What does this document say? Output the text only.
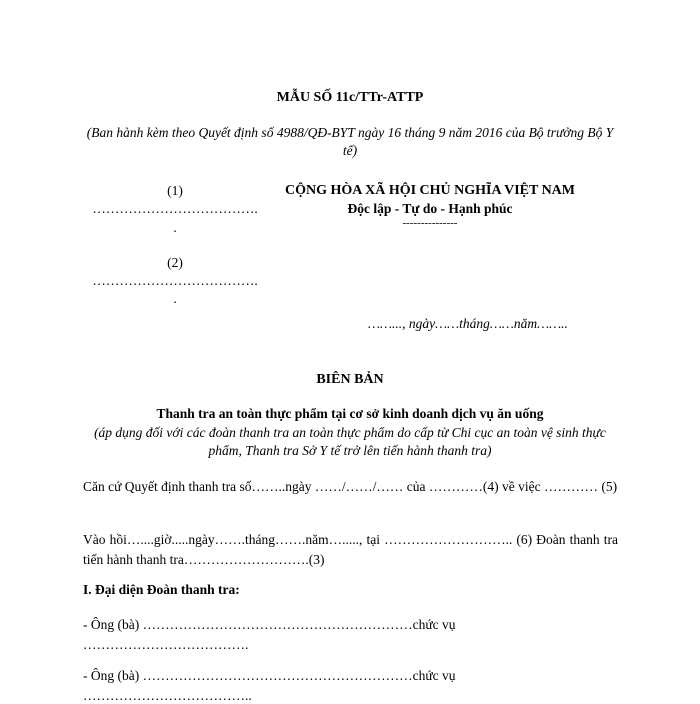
MẪU SỐ 11c/TTr-ATTP
(Ban hành kèm theo Quyết định số 4988/QĐ-BYT ngày 16 tháng 9 năm 2016 của Bộ trưởng Bộ Y tế)
(1)
……………………………….
.
(2)
……………………………….
.
CỘNG HÒA XÃ HỘI CHỦ NGHĨA VIỆT NAM
Độc lập - Tự do - Hạnh phúc
---------------
……..., ngày……tháng……năm……..
BIÊN BẢN
Thanh tra an toàn thực phẩm tại cơ sở kinh doanh dịch vụ ăn uống
(áp dụng đối với các đoàn thanh tra an toàn thực phẩm do cấp từ Chi cục an toàn vệ sinh thực phẩm, Thanh tra Sở Y tế trở lên tiến hành thanh tra)
Căn cứ Quyết định thanh tra số……..ngày ……/……/…… của …………(4) về việc ………… (5)
Vào hồi…....giờ.....ngày…….tháng…….năm…....., tại ……………………….. (6) Đoàn thanh tra tiến hành thanh tra……………………….(3)
I. Đại diện Đoàn thanh tra:
- Ông (bà) ……………………………………………………chức vụ
……………………………….
- Ông (bà) ……………………………………………………chức vụ
………………………………..
